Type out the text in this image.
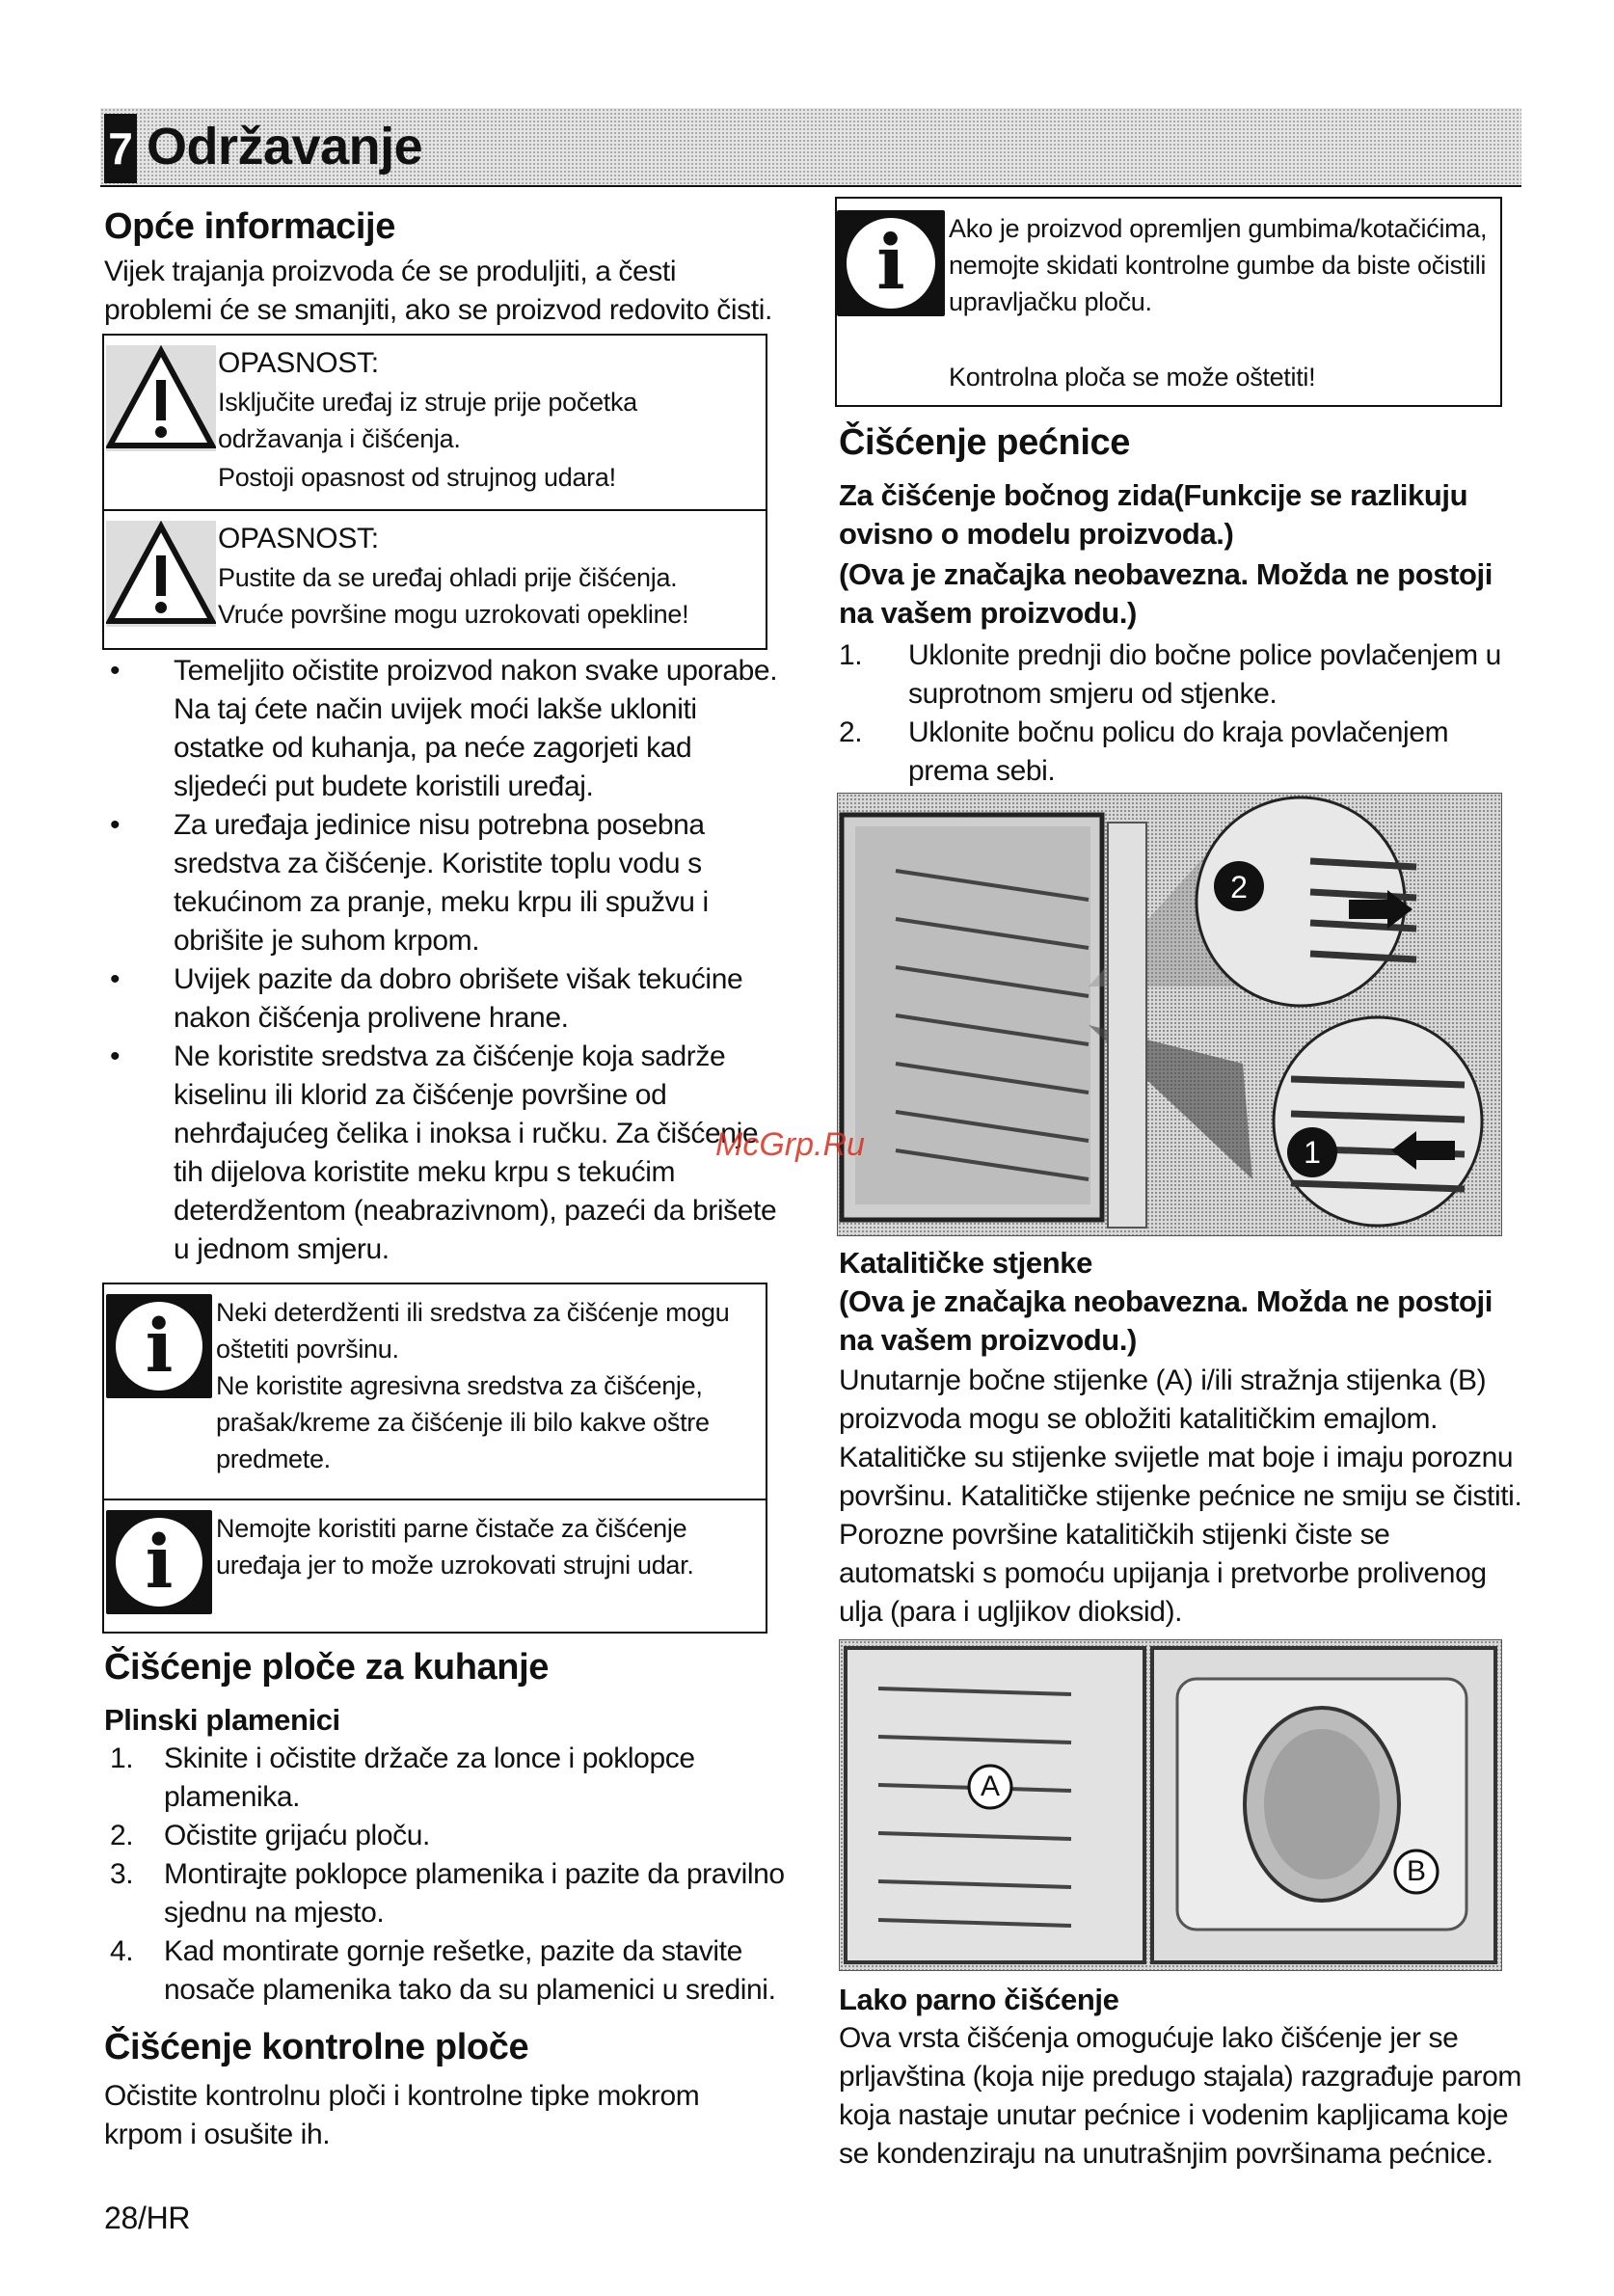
7 Održavanje
Opće informacije

Vijek trajanja proizvoda će se produljiti, a česti problemi će se smanjiti, ako se proizvod redovito čisti.

OPASNOST:
Isključite uređaj iz struje prije početka održavanja i čišćenja.
Postoji opasnost od strujnog udara!
OPASNOST:
Pustite da se uređaj ohladi prije čišćenja.
Vruće površine mogu uzrokovati opekline!
• Temeljito očistite proizvod nakon svake uporabe. Na taj ćete način uvijek moći lakše ukloniti ostatke od kuhanja, pa neće zagorjeti kad sljedeći put budete koristili uređaj.
• Za uređaja jedinice nisu potrebna posebna sredstva za čišćenje. Koristite toplu vodu s tekućinom za pranje, meku krpu ili spužvu i obrišite je suhom krpom.
• Uvijek pazite da dobro obrišete višak tekućine nakon čišćenja prolivene hrane.
• Ne koristite sredstva za čišćenje koja sadrže kiselinu ili klorid za čišćenje površine od nehrđajućeg čelika i inoksa i ručku. Za čišćenje tih dijelova koristite meku krpu s tekućim deterdžentom (neabrazivnom), pazeći da brišete u jednom smjeru.
i	Neki deterdženti ili sredstva za čišćenje mogu oštetiti površinu.
Ne koristite agresivna sredstva za čišćenje, prašak/kreme za čišćenje ili bilo kakve oštre predmete.
i	Nemojte koristiti parne čistače za čišćenje uređaja jer to može uzrokovati strujni udar.
Čišćenje ploče za kuhanje
Plinski plamenici
1. Skinite i očistite držače za lonce i poklopce plamenika.
2. Očistite grijaću ploču.
3. Montirajte poklopce plamenika i pazite da pravilno sjednu na mjesto.
4. Kad montirate gornje rešetke, pazite da stavite nosače plamenika tako da su plamenici u sredini.
Čišćenje kontrolne ploče

Očistite kontrolnu ploči i kontrolne tipke mokrom krpom i osušite ih.

28/HR
i	Ako je proizvod opremljen gumbima/kotačićima, nemojte skidati kontrolne gumbe da biste očistili upravljačku ploču.
Kontrolna ploča se može oštetiti!
Čišćenje pećnice
Za čišćenje bočnog zida(Funkcije se razlikuju ovisno o modelu proizvoda.)
(Ova je značajka neobavezna. Možda ne postoji na vašem proizvodu.)
1. Uklonite prednji dio bočne police povlačenjem u suprotnom smjeru od stjenke.
2. Uklonite bočnu policu do kraja povlačenjem prema sebi.
2
1
Katalitičke stjenke
(Ova je značajka neobavezna. Možda ne postoji na vašem proizvodu.)

Unutarnje bočne stijenke (A) i/ili stražnja stijenka (B) proizvoda mogu se obložiti katalitičkim emajlom. Katalitičke su stijenke svijetle mat boje i imaju poroznu površinu. Katalitičke stijenke pećnice ne smiju se čistiti. Porozne površine katalitičkih stijenki čiste se automatski s pomoću upijanja i pretvorbe prolivenog ulja (para i ugljikov dioksid).

A
B
Lako parno čišćenje

Ova vrsta čišćenja omogućuje lako čišćenje jer se prljavština (koja nije predugo stajala) razgrađuje parom koja nastaje unutar pećnice i vodenim kapljicama koje se kondenziraju na unutrašnjim površinama pećnice.

McGrp.Ru
